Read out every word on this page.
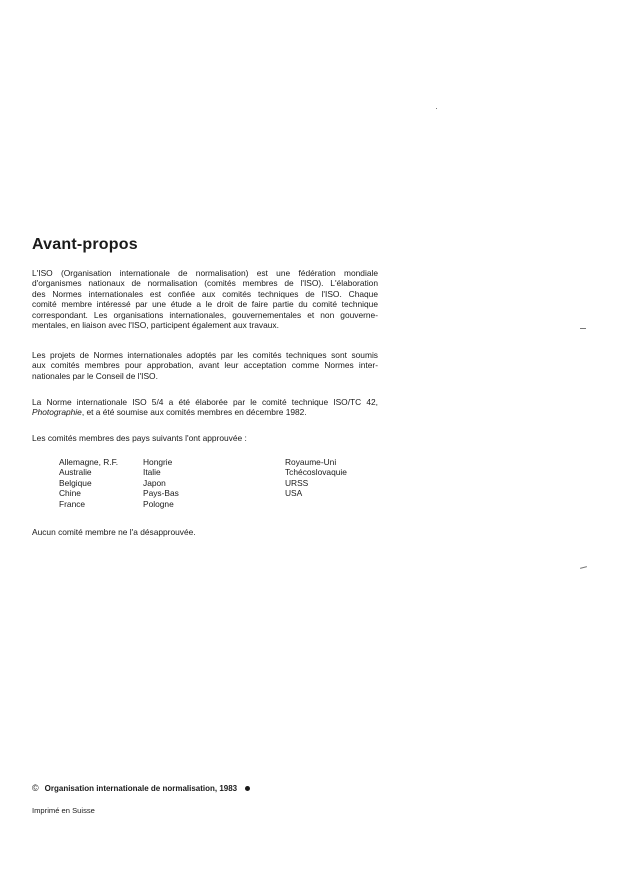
Avant-propos

L'ISO (Organisation internationale de normalisation) est une fédération mondiale
d'organismes nationaux de normalisation (comités membres de l'ISO). L'élaboration
des Normes internationales est confiée aux comités techniques de l'ISO. Chaque
comité membre intéressé par une étude a le droit de faire partie du comité technique
correspondant. Les organisations internationales, gouvernementales et non gouverne-
mentales, en liaison avec l'ISO, participent également aux travaux.

Les projets de Normes internationales adoptés par les comités techniques sont soumis
aux comités membres pour approbation, avant leur acceptation comme Normes inter-
nationales par le Conseil de l'ISO.

La Norme internationale ISO 5/4 a été élaborée par le comité technique ISO/TC 42,
Photographie, et a été soumise aux comités membres en décembre 1982.

Les comités membres des pays suivants l'ont approuvée :

Allemagne, R.F.
Australie
Belgique
Chine
France
Hongrie
Italie
Japon
Pays-Bas
Pologne
Royaume-Uni
Tchécoslovaquie
URSS
USA

Aucun comité membre ne l'a désapprouvée.

© Organisation internationale de normalisation, 1983
Imprimé en Suisse
